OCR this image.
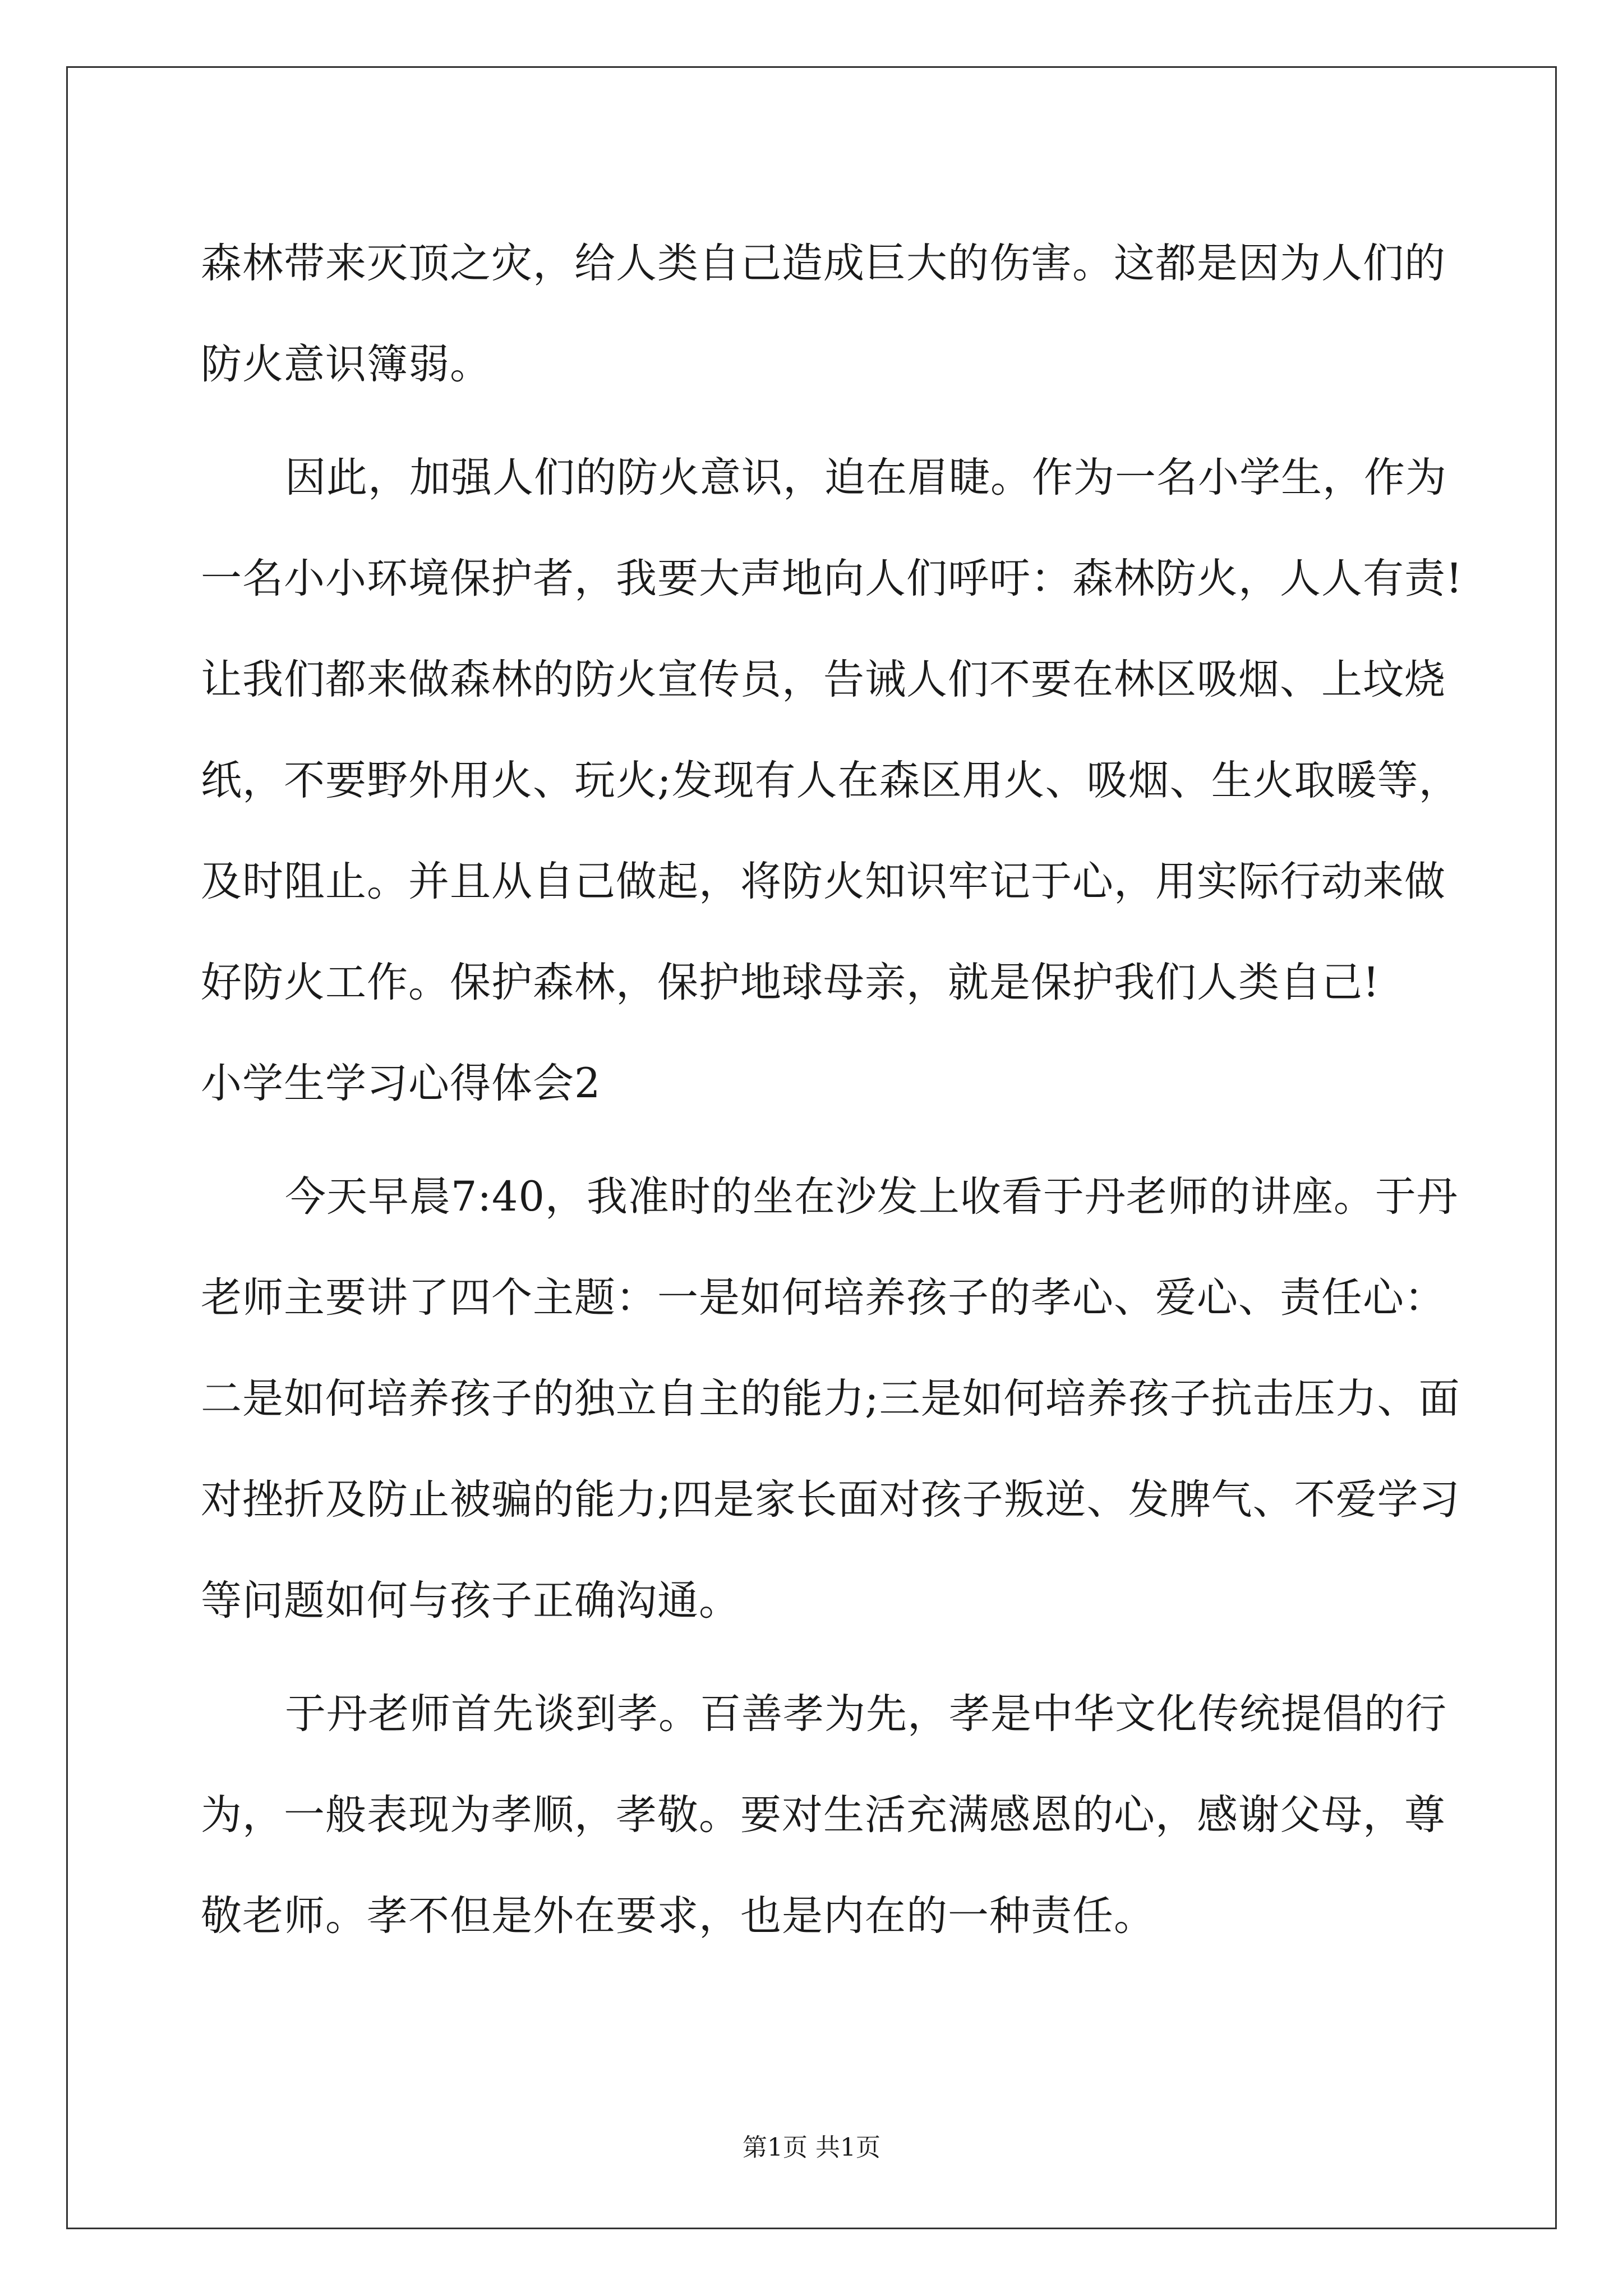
森林带来灭顶之灾，给人类自己造成巨大的伤害。这都是因为人们的
防火意识簿弱。
因此，加强人们的防火意识，迫在眉睫。作为一名小学生，作为
一名小小环境保护者，我要大声地向人们呼吁：森林防火，人人有责!
让我们都来做森林的防火宣传员，告诫人们不要在林区吸烟、上坟烧
纸，不要野外用火、玩火;发现有人在森区用火、吸烟、生火取暖等，
及时阻止。并且从自己做起，将防火知识牢记于心，用实际行动来做
好防火工作。保护森林，保护地球母亲，就是保护我们人类自己!
小学生学习心得体会2
今天早晨7:40，我准时的坐在沙发上收看于丹老师的讲座。于丹
老师主要讲了四个主题：一是如何培养孩子的孝心、爱心、责任心：
二是如何培养孩子的独立自主的能力;三是如何培养孩子抗击压力、面
对挫折及防止被骗的能力;四是家长面对孩子叛逆、发脾气、不爱学习
等问题如何与孩子正确沟通。
于丹老师首先谈到孝。百善孝为先，孝是中华文化传统提倡的行
为，一般表现为孝顺，孝敬。要对生活充满感恩的心，感谢父母，尊
敬老师。孝不但是外在要求，也是内在的一种责任。
第1页 共1页
